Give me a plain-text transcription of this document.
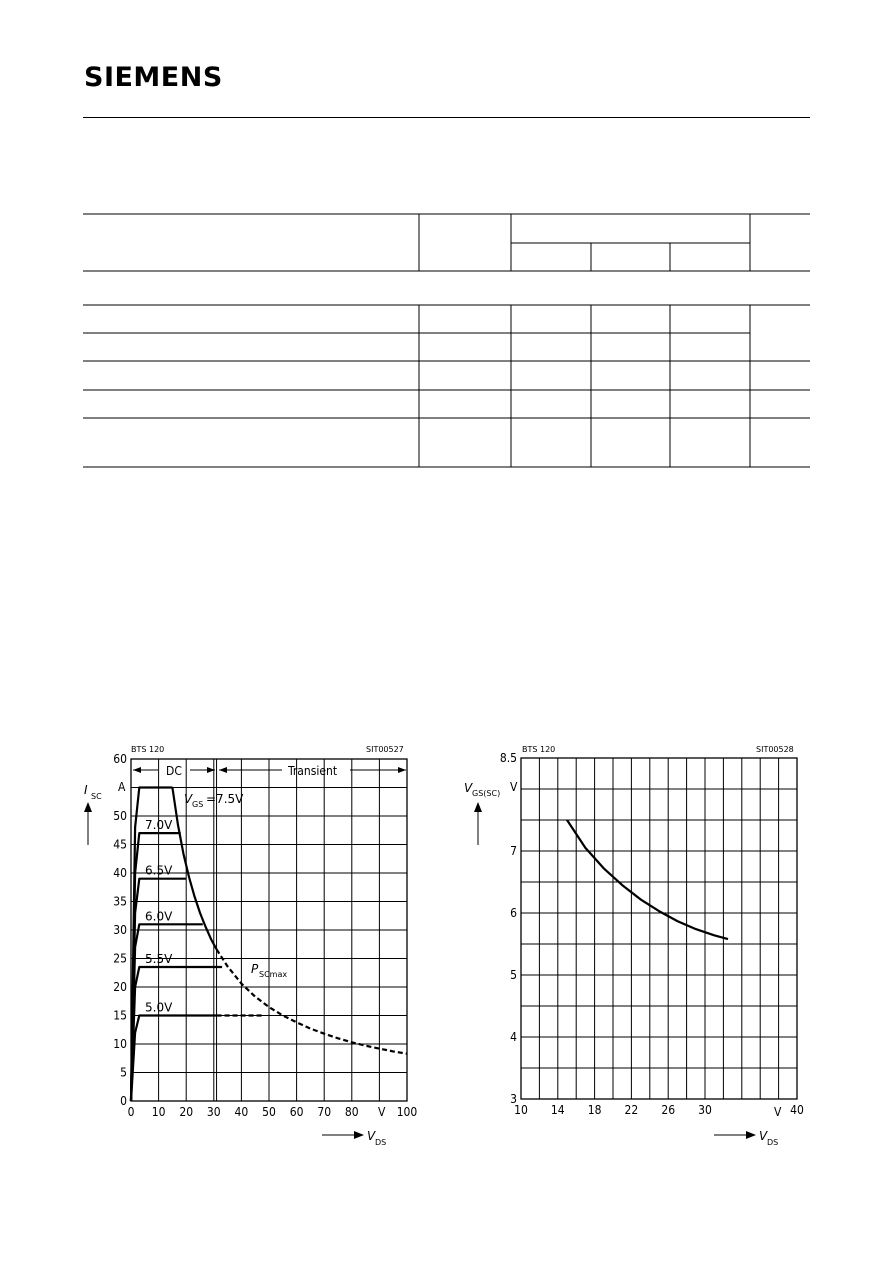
SIEMENS
0 10 20 30 40 50 60 70 80	100
0
5
10
15
20
25
30
35
40
45
50
60
BTS 120	SIT00527
A
V
I SC
V DS
DC	Transient
V GS =7.5V
P SCmax
7.0V
6.5V
6.0V
5.5V
5.0V
10 14 18 22 26 30	40
3
4
5
6
7
8.5
BTS 120	SIT00528
V
V
V GS(SC)
V DS
